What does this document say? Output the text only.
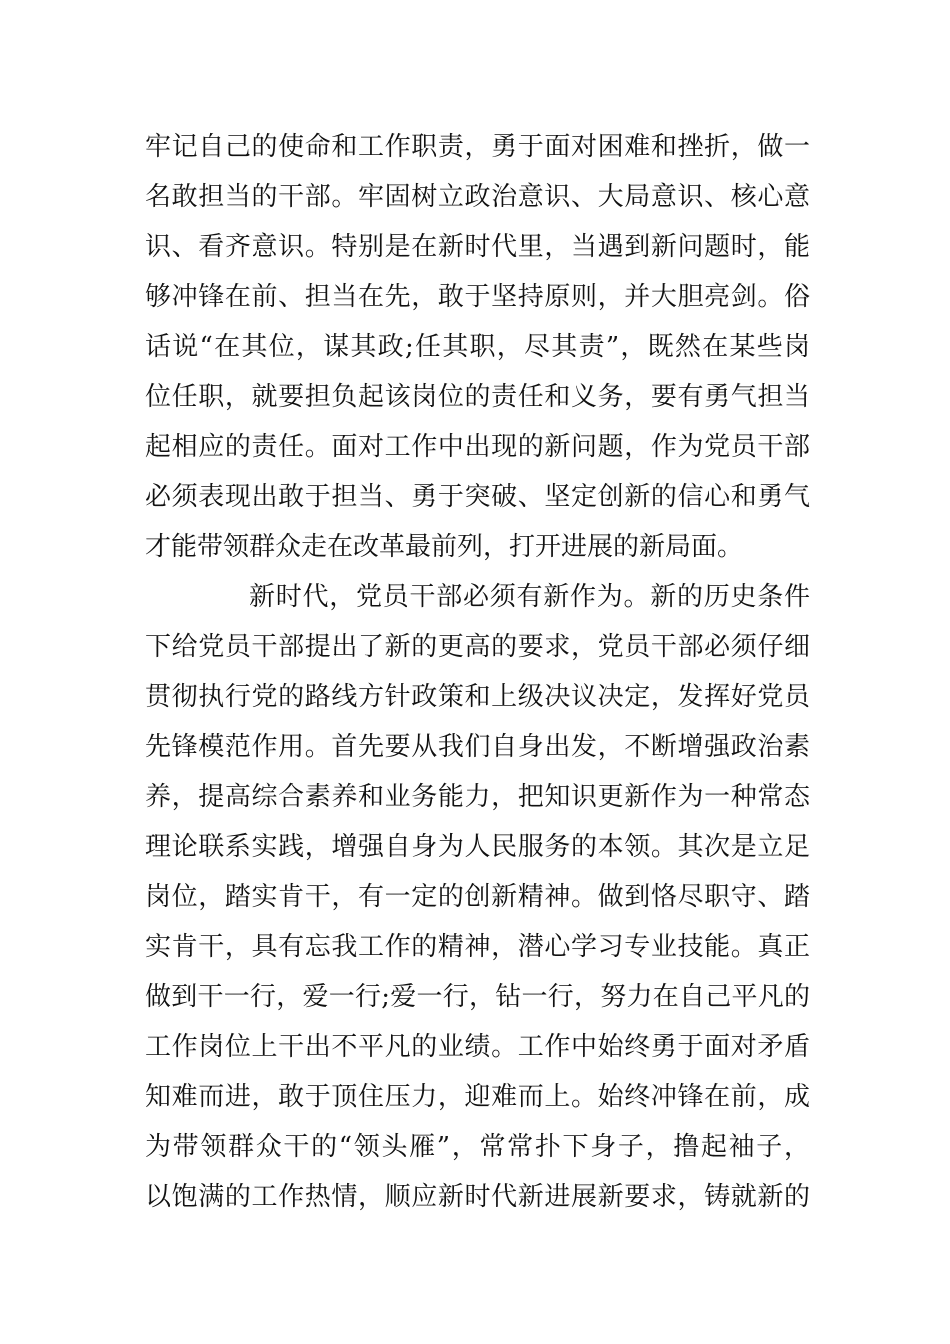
牢记自己的使命和工作职责，勇于面对困难和挫折，做一
名敢担当的干部。牢固树立政治意识、大局意识、核心意
识、看齐意识。特别是在新时代里，当遇到新问题时，能
够冲锋在前、担当在先，敢于坚持原则，并大胆亮剑。俗
话说“在其位，谋其政;任其职，尽其责”，既然在某些岗
位任职，就要担负起该岗位的责任和义务，要有勇气担当
起相应的责任。面对工作中出现的新问题，作为党员干部
必须表现出敢于担当、勇于突破、坚定创新的信心和勇气
才能带领群众走在改革最前列，打开进展的新局面。
新时代，党员干部必须有新作为。新的历史条件
下给党员干部提出了新的更高的要求，党员干部必须仔细
贯彻执行党的路线方针政策和上级决议决定，发挥好党员
先锋模范作用。首先要从我们自身出发，不断增强政治素
养，提高综合素养和业务能力，把知识更新作为一种常态
理论联系实践，增强自身为人民服务的本领。其次是立足
岗位，踏实肯干，有一定的创新精神。做到恪尽职守、踏
实肯干，具有忘我工作的精神，潜心学习专业技能。真正
做到干一行，爱一行;爱一行，钻一行，努力在自己平凡的
工作岗位上干出不平凡的业绩。工作中始终勇于面对矛盾
知难而进，敢于顶住压力，迎难而上。始终冲锋在前，成
为带领群众干的“领头雁”，常常扑下身子，撸起袖子，
以饱满的工作热情，顺应新时代新进展新要求，铸就新的
